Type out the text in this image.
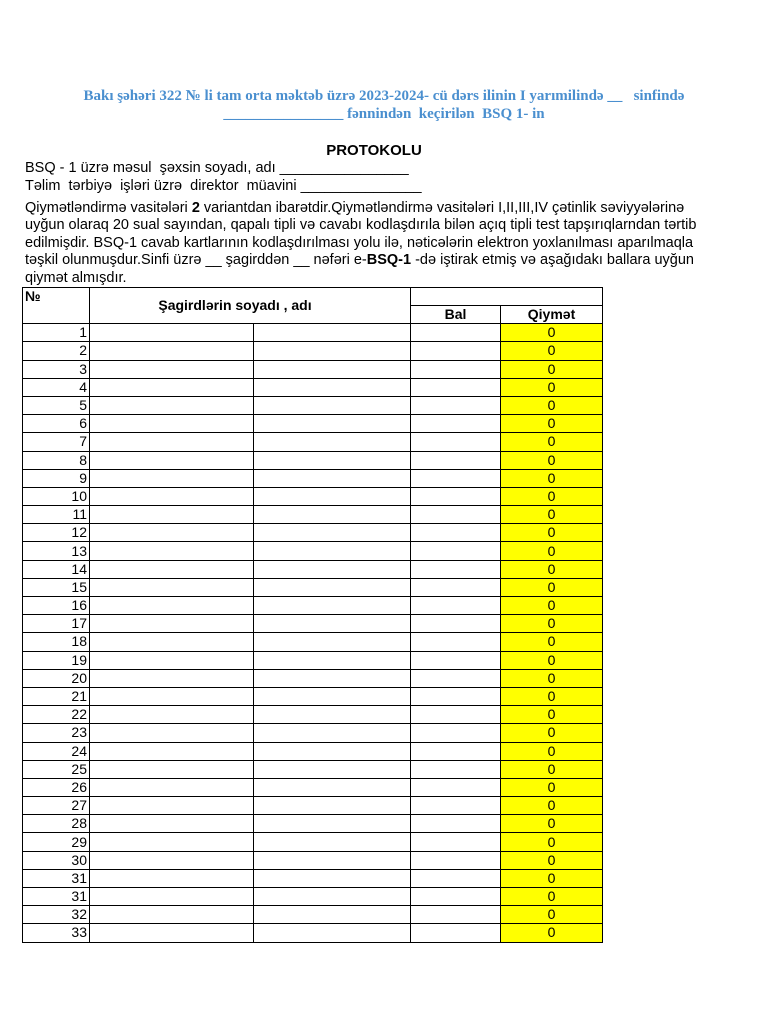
Bakı şəhəri 322 № li tam orta məktəb üzrə 2023-2024- cü dərs ilinin I yarımilində __   sinfində
________________ fənnindən  keçirilən  BSQ 1- in
PROTOKOLU
BSQ - 1 üzrə məsul  şəxsin soyadı, adı ________________
Təlim  tərbiyə  işləri üzrə  direktor  müavini _______________
Qiymətləndirmə vasitələri 2 variantdan ibarətdir.Qiymətləndirmə vasitələri I,II,III,IV çətinlik səviyyələrinə uyğun olaraq 20 sual sayından, qapalı tipli və cavabı kodlaşdırıla bilən açıq tipli test tapşırıqlarndan tərtib edilmişdir. BSQ-1 cavab kartlarının kodlaşdırılması yolu ilə, nəticələrin elektron yoxlanılması aparılmaqla təşkil olunmuşdur.Sinfi üzrə __ şagirddən __ nəfəri e-BSQ-1 -də iştirak etmiş və aşağıdakı ballara uyğun qiymət almışdır.
№	Şagirdlərin soyadı , adı			
			Bal	Qiymət
1				0
2				0
3				0
4				0
5				0
6				0
7				0
8				0
9				0
10				0
11				0
12				0
13				0
14				0
15				0
16				0
17				0
18				0
19				0
20				0
21				0
22				0
23				0
24				0
25				0
26				0
27				0
28				0
29				0
30				0
31				0
31				0
32				0
33				0
